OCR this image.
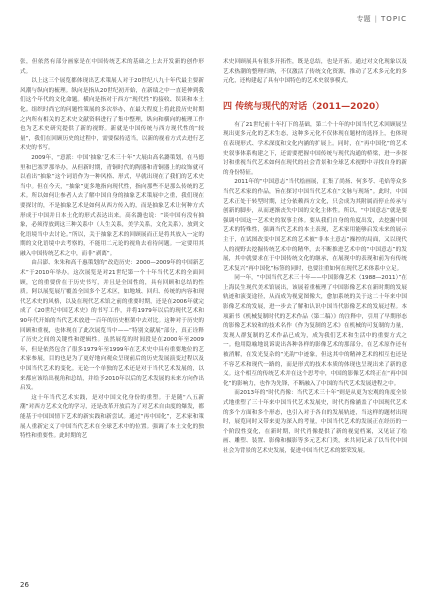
专题 | TOPIC

张，但依然有部分画家是在中国传统艺术的基础之上去开发新的创作形式。

以上这三个展览都体现出艺术策展人对于20世纪八九十年代最主要新风潮与纵向的梳理。纵向是指从20世纪初开始，在新绩之中一直延伸到我们这个年代的文化命题。横向是指对于西方“现代性”的接收、误读和本土化。组织时尚它的问题性策展的多次举办，在最大程度上将此段历史时期之内所有相关的艺术史文献资料进行了集中整理，纵向和横向的梳理工作也为艺术史研究提供了新的视野。新就是中国传统与西方现代性的“较量”，我们在回顾历史的过程中，需要保持适当，以新的视看方式去进行艺术史的书写。

2009年，“意派：中国‘抽象’艺术三十年”大展由高名潞策划，在马德里和巴塞罗那举办，从但新时期，青铜时代的陶器和青铜器上的纹饰就可以看出“抽象”这个词语作为一种风格、形式，早就出现在了我们的艺术史当中。但在今天，“抽象”更多地指向现代性，指向那些不是那么传统的艺术。所以如何让参者人去了解中国自身的抽象艺术策展中之重，我们现在要探讨的，不是抽象艺术是如何从西方传入的，而是抽象艺术让何种方式形成于中国并日本土化的形式表达出来。高名潞也说：“谈中国有没有抽象，必须得放到这三种关系中（人生关系，美学关系，文化关系），放到文化语境当中去讨论。”所以，关于抽象艺术的回顾展而正是将其放入一定的期的文化语境中去考察的，不能用二元论的视角去看待问题。一定要用其融入中国传统艺术之中，而非“剥离”。

由吕澎、朱朱和高千惠策划的“改造历史：2000—2009年的中国新艺术”于2010年举办。这次展览是对21世纪第一个十年当代艺术的全面回顾，它的重要价在于历史书写，并且是全国性的，具有回顾和总结的性质。阿以展览展厅覆盖全国多个艺术区，如地域、回归、传统的内容和现代艺术史的风格，以及在现代艺术馆之前的重要时期，还是在2006年就完成了《20世纪中国艺术史》的书写工作，并将1979年以后的现代艺术和90年代开始的当代艺术放进一百年的历史框架中去对比。这种对于历史的回顾和重视，也体现在了此次展览当中——“特别文献展”部分，真正诠释了历史之间的关键性和逻辑性。虽然展览的时间段是在2000年至2009年，但是依然包含了很多1979年至1999年在艺术史中具有重要地位的艺术家参展，目的也是为了更好地向观众呈现前后的历史发展演变过程以及中国当代艺术的变化。无论一个单独的艺术还是对于当代艺术发展的，以来都应该给出视角和总结，并给予2010年以后的艺术发展的未来方向作出启发。

这十年当代艺术实践，是对中国文化身份的重塑。于是随“八五新潮”对西方艺术文化的学习，还是改革开放后为了对艺术自由度的爆发，都能基于中国国情下艺术的新实践和新尝试。通过“再中国化”，艺术家和策展人重新定义了中国当代艺术在全球艺术中的位置。强调了本土文化的独特性和重要性。此时期的艺

术史回顾展具有很多开拓性，既是总结，也是开拓。通过对文化现象以及艺术热潮的整理归纳，不仅激活了传统文化资源，推动了艺术多元化的多元化，还构建起了具有中国特色的艺术史叙事模式。

四 传统与现代的对话（2011—2020）

有了21世纪前十年打下的基础，第二个十年的中国当代艺术回顾展呈现出更多元化的艺术生态，这种多元化不仅体现在题材的选择上，也体现在表现形式、学术深度和文化内涵的扩展上。同时，在“再中国化”的艺术史叙事体系构建之下，还需要把握中国传统与现代沟通的桥梁，进一步探讨和重视当代艺术如何在现代的社会背景和全球艺术视野中寻找自身的新的身份特征。

2011年的“中国意志”当代绘画展，汇集了尚扬、何多苓、毛焰等众多当代艺术家的作品，旨在探讨中国当代艺术在“文脉与现场”。此时，中国艺术正处于转型时期，过分依赖西方文化，只会成为其附属而停止传承与创新的脚步，从而逐渐丧失中国的文化主体性。所以，“中国意志”就是要强调中国这一艺术史的叙事主体。要从我们自身的角度出发，去挖掘中国艺术的特殊性，强调当代艺术的本土表现，艺术家用能够启发未来的展示主于，在试图改变中国艺术的艺术被“非本土意志”操控的局面，又以现代人的视野去挖掘传统艺术中的精华，去不断推进艺术中的“中国意志”的发展，其中就要求在于中国传统文化的继承，在展现中的表现和前为有传统艺术复兴“再中国化”标签的同时，也要注重如何在现代艺术体系中立足。

同一年，“中国当代艺术三十年——中国影像艺术（1988—2011）”在上海民生现代美术馆展出，该展着重梳理了中国影像艺术在新时期的发展轨迹和演变途径，从而成为视觉图像大，愈加系统的关于这二十年来中国影像艺术的发展，进一步去了解和认识中国当代影像艺术的发展过程。本项新书《机械复制时代的艺术作品（第二稿）》的注释中，引用了早期形态的影像艺术较和的技术名作《作为复制的艺术》在机械的可复制的力量，发现人群复制的艺术作品已成为，成为我们艺术和生活中的重要方式之一。他用隐喻地说诉说出各种各样的影像艺术的那部分，在艺术原作还有被消解，在发光复杂的“光韵”中迹象，但这其中的精神艺术的相互也还是不容艺术和现代一路的，而是形式的技术本质的体现也呈现出来了新的意义。这个相互的传统艺术并在这个思考中，中国的影像艺术终正在“再中国化”的影响力，也作为先锋，不断融入了中国的当代艺术发展进程之中。

而2013年的“时代肖像：当代艺术三十年”则是从更为宏观的角度全景式地重塑了三十年来中国当代艺术发展史，时代肖像涵盖了中国现代艺术的多个方面和多个形态，也引入对于各自的发展轨迹，当这样的题材出现时，展览同时又带来更为深入的考量，中国当代艺术的发展正在经历的一个阶段性变化，在新时期，时代肖像提供了新的视觉档案，又见证了绘画、雕塑、装置、影像和摄影等多元艺术门类，来共同记录了以当代中国社会为背景的艺术史发展，促进中国当代艺术的繁荣发展。

26
